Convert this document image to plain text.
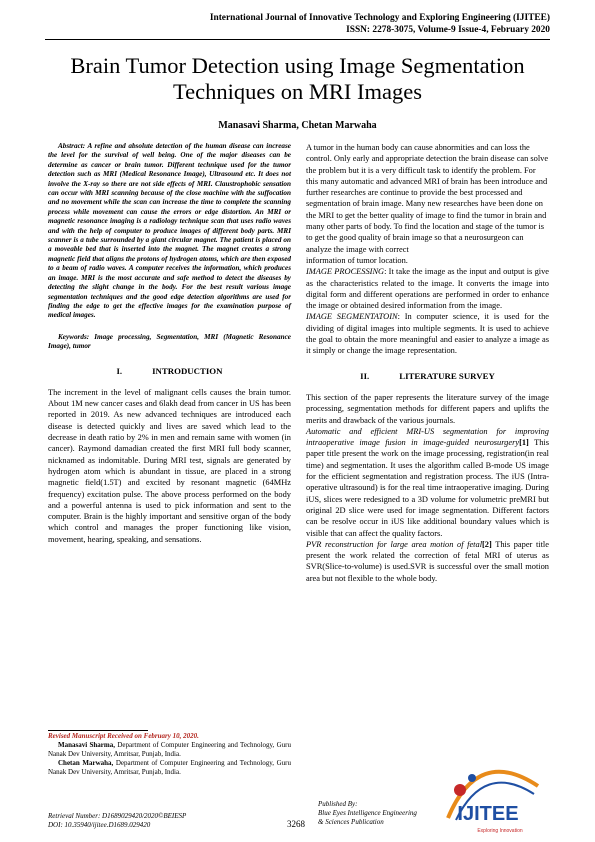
International Journal of Innovative Technology and Exploring Engineering (IJITEE)
ISSN: 2278-3075, Volume-9 Issue-4, February 2020
Brain Tumor Detection using Image Segmentation
Techniques on MRI Images
Manasavi Sharma, Chetan Marwaha

Abstract: A refine and absolute detection of the human disease can increase the level for the survival of well being. One of the major diseases can be determine as cancer or brain tumor. Different technique used for the tumor detection such as MRI (Medical Resonance Image), Ultrasound etc. It does not involve the X-ray so there are not side effects of MRI. Claustrophobic sensation can occur with MRI scanning because of the close machine with the suffocation and no movement while the scan can increase the time to complete the scanning process while movement can cause the errors or edge distortion. An MRI or magnetic resonance imaging is a radiology technique scan that uses radio waves and with the help of computer to produce images of different body parts. MRI scanner is a tube surrounded by a giant circular magnet. The patient is placed on a moveable bed that is inserted into the magnet. The magnet creates a strong magnetic field that aligns the protons of hydrogen atoms, which are then exposed to a beam of radio waves. A computer receives the information, which produces an image. MRI is the most accurate and safe method to detect the diseases by detecting the slight change in the body. For the best result various image segmentation techniques and the good edge detection algorithms are used for finding the edge to get the effective images for the examination purpose of medical images.

Keywords: Image processing, Segmentation, MRI (Magnetic Resonance Image), tumor

I.	INTRODUCTION

The increment in the level of malignant cells causes the brain tumor. About 1M new cancer cases and 6lakh dead from cancer in US has been reported in 2019. As new advanced techniques are introduced each disease is detected quickly and lives are saved which lead to the decrease in death ratio by 2% in men and remain same with women (in cancer). Raymond damadian created the first MRI full body scanner, nicknamed as indomitable. During MRI test, signals are generated by hydrogen atom which is abundant in tissue, are placed in a strong magnetic field(1.5T) and excited by resonant magnetic (64MHz frequency) excitation pulse. The above process performed on the body and a powerful antenna is used to pick information and sent to the computer. Brain is the highly important and sensitive organ of the body which control and manages the proper functioning like vision, movement, hearing, speaking, and sensations.

Revised Manuscript Received on February 10, 2020.

Manasavi Sharma, Department of Computer Engineering and Technology, Guru Nanak Dev University, Amritsar, Punjab, India.

Chetan Marwaha, Department of Computer Engineering and Technology, Guru Nanak Dev University, Amritsar, Punjab, India.

A tumor in the human body can cause abnormities and can loss the control. Only early and appropriate detection the brain disease can solve the problem but it is a very difficult task to identify the problem. For this many automatic and advanced MRI of brain has been introduce and further researches are continue to provide the best processed and segmentation of brain image. Many new researches have been done on the MRI to get the better quality of image to find the tumor in brain and many other parts of body. To find the location and stage of the tumor is to get the good quality of brain image so that a neurosurgeon can analyze the image with correct

information of tumor location.

IMAGE PROCESSING: It take the image as the input and output is give as the characteristics related to the image. It converts the image into digital form and different operations are performed in order to enhance the image or obtained desired information from the image.

IMAGE SEGMENTATOIN: In computer science, it is used for the dividing of digital images into multiple segments. It is used to achieve the goal to obtain the more meaningful and easier to analyze a image as it simply or change the image representation.

II.	LITERATURE SURVEY

This section of the paper represents the literature survey of the image processing, segmentation methods for different papers and uplifts the merits and drawback of the various journals.

Automatic and efficient MRI-US segmentation for improving intraoperative image fusion in image-guided neurosurgery[1] This paper title present the work on the image processing, registration(in real time) and segmentation. It uses the algorithm called B-mode US image for the efficient segmentation and registration process. The iUS (Intra-operative ultrasound) is for the real time intraoperative imaging. During iUS, slices were redesigned to a 3D volume for volumetric preMRI but original 2D slice were used for image segmentation. Different factors can be resolve occur in iUS like additional boundary values which is visible that can affect the quality factors.

PVR reconstruction for large area motion of fetal[2] This paper title present the work related the correction of fetal MRI of uterus as SVR(Slice-to-volume) is used.SVR is successful over the small motion area but not flexible to the whole body.

Retrieval Number: D1689029420/2020©BEIESP
DOI: 10.35940/ijitee.D1689.029420	3268
Published By:
Blue Eyes Intelligence Engineering
& Sciences Publication	IJITEE
Exploring Innovation
